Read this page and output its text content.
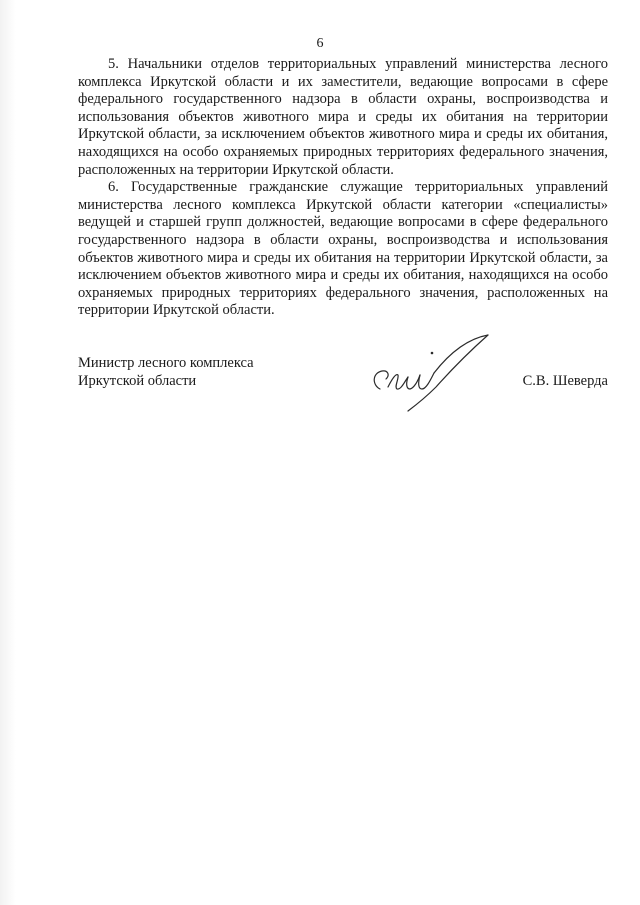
6

5. Начальники отделов территориальных управлений министерства лесного комплекса Иркутской области и их заместители, ведающие вопросами в сфере федерального государственного надзора в области охраны, воспроизводства и использования объектов животного мира и среды их обитания на территории Иркутской области, за исключением объектов животного мира и среды их обитания, находящихся на особо охраняемых природных территориях федерального значения, расположенных на территории Иркутской области.

6. Государственные гражданские служащие территориальных управлений министерства лесного комплекса Иркутской области категории «специалисты» ведущей и старшей групп должностей, ведающие вопросами в сфере федерального государственного надзора в области охраны, воспроизводства и использования объектов животного мира и среды их обитания на территории Иркутской области, за исключением объектов животного мира и среды их обитания, находящихся на особо охраняемых природных территориях федерального значения, расположенных на территории Иркутской области.

Министр лесного комплекса
Иркутской области	С.В. Шеверда
